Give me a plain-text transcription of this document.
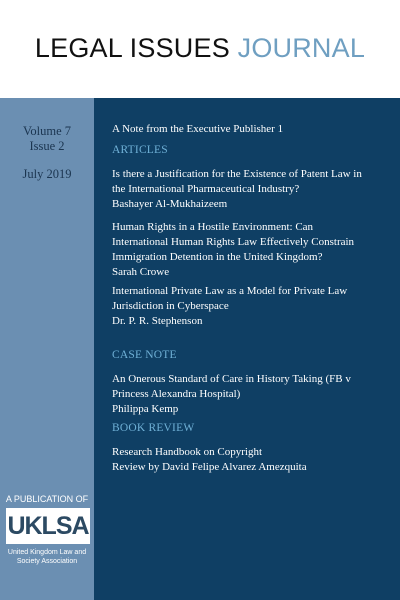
LEGAL ISSUES JOURNAL
Volume 7
Issue 2
July 2019
A PUBLICATION OF
UKLSA
United Kingdom Law and
Society Association
A Note from the Executive Publisher 1
ARTICLES
Is there a Justification for the Existence of Patent Law in
the International Pharmaceutical Industry?
Bashayer Al-Mukhaizeem
Human Rights in a Hostile Environment: Can
International Human Rights Law Effectively Constrain
Immigration Detention in the United Kingdom?
Sarah Crowe
International Private Law as a Model for Private Law
Jurisdiction in Cyberspace
Dr. P. R. Stephenson
CASE NOTE
An Onerous Standard of Care in History Taking (FB v
Princess Alexandra Hospital)
Philippa Kemp
BOOK REVIEW
Research Handbook on Copyright
Review by David Felipe Alvarez Amezquita
